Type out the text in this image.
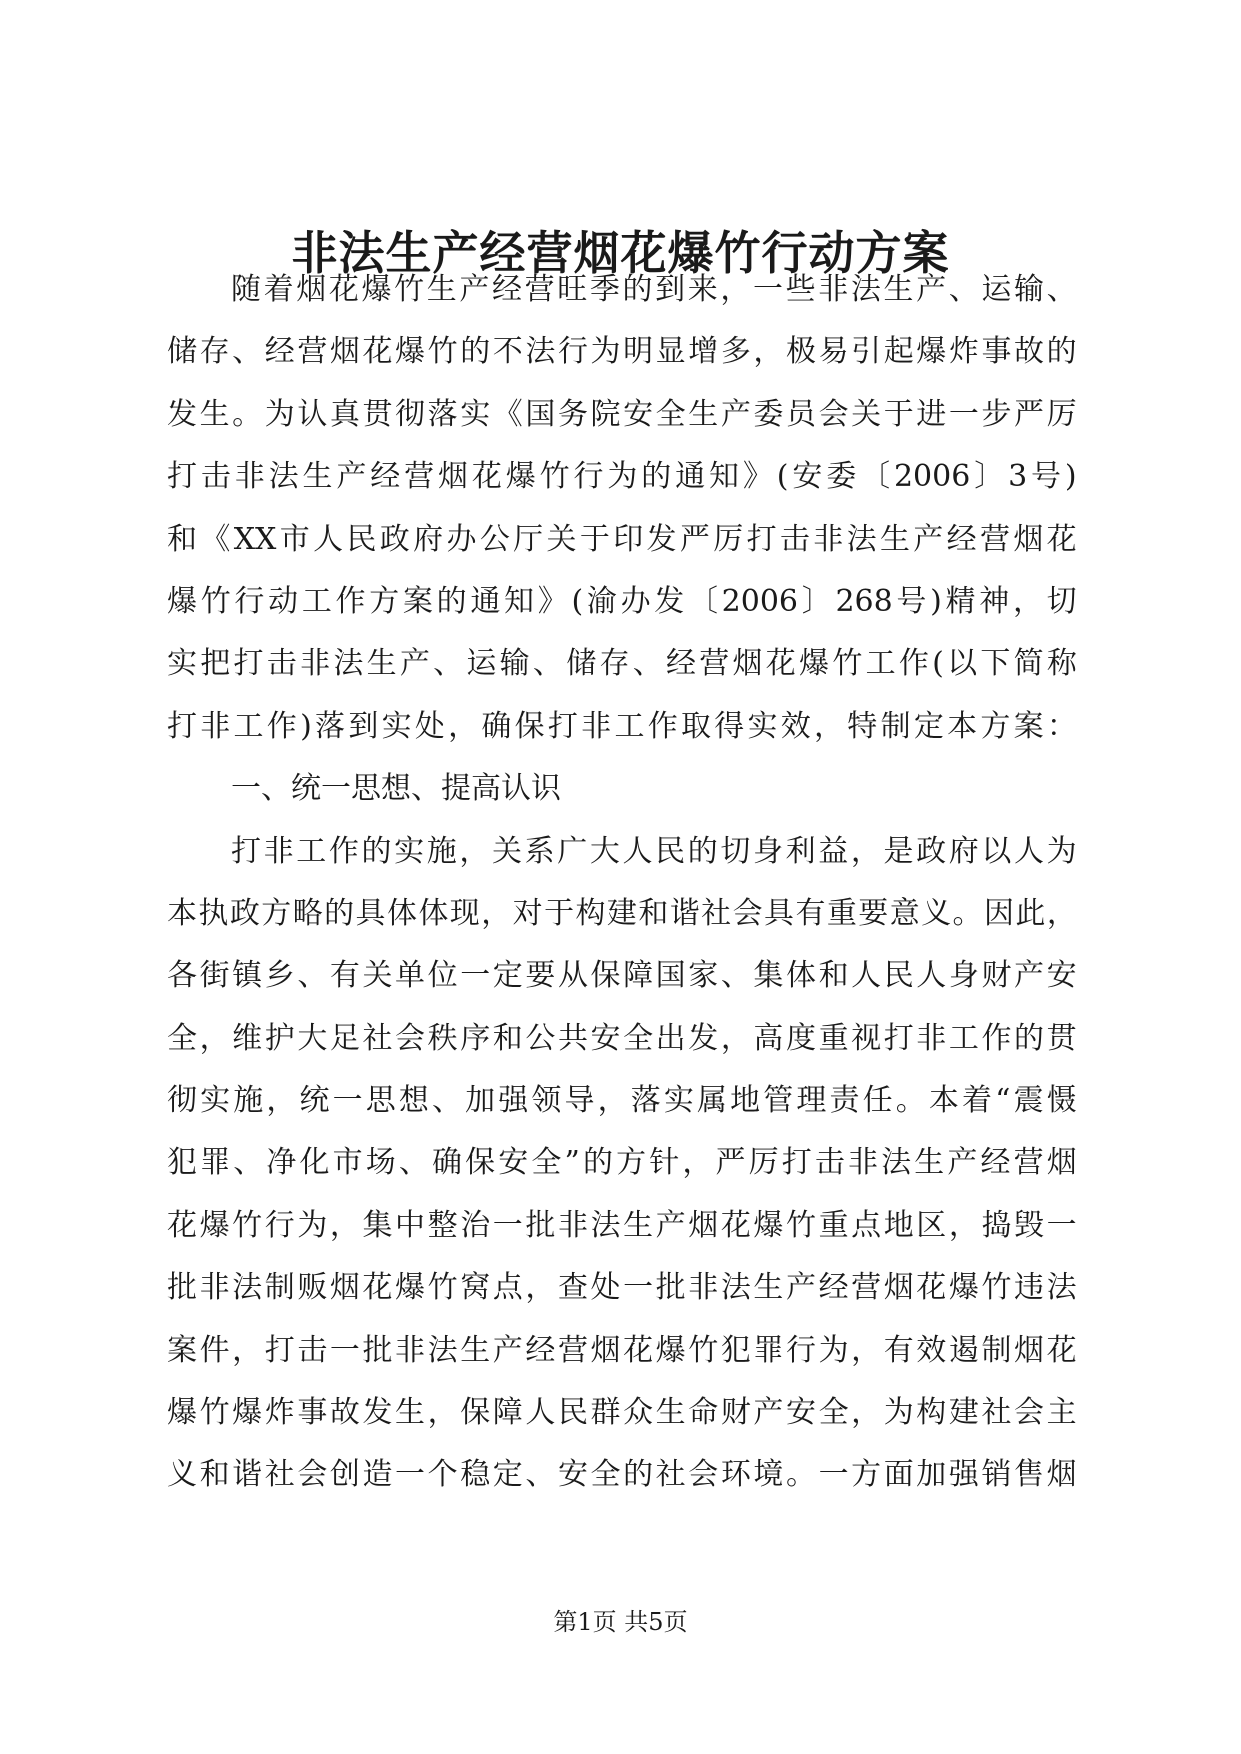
非法生产经营烟花爆竹行动方案
随 着 烟 花 爆 竹 生 产 经 营 旺 季 的 到 来 ， 一 些 非 法 生 产 、 运 输 、
储 存 、 经 营 烟 花 爆 竹 的 不 法 行 为 明 显 增 多 ， 极 易 引 起 爆 炸 事 故 的
发 生 。 为 认 真 贯 彻 落 实 《 国 务 院 安 全 生 产 委 员 会 关 于 进 一 步 严 厉
打 击 非 法 生 产 经 营 烟 花 爆 竹 行 为 的 通 知 》 ( 安 委 〔 2006 〕 3 号 )
和 《 XX 市 人 民 政 府 办 公 厅 关 于 印 发 严 厉 打 击 非 法 生 产 经 营 烟 花
爆 竹 行 动 工 作 方 案 的 通 知 》 ( 渝 办 发 〔 2006 〕 268 号 ) 精 神 ， 切
实 把 打 击 非 法 生 产 、 运 输 、 储 存 、 经 营 烟 花 爆 竹 工 作 ( 以 下 简 称
打 非 工 作 ) 落 到 实 处 ， 确 保 打 非 工 作 取 得 实 效 ， 特 制 定 本 方 案 ：
一 、 统 一 思 想 、 提 高 认 识
打 非 工 作 的 实 施 ， 关 系 广 大 人 民 的 切 身 利 益 ， 是 政 府 以 人 为
本 执 政 方 略 的 具 体 体 现 ， 对 于 构 建 和 谐 社 会 具 有 重 要 意 义 。 因 此 ，
各 街 镇 乡 、 有 关 单 位 一 定 要 从 保 障 国 家 、 集 体 和 人 民 人 身 财 产 安
全 ， 维 护 大 足 社 会 秩 序 和 公 共 安 全 出 发 ， 高 度 重 视 打 非 工 作 的 贯
彻 实 施 ， 统 一 思 想 、 加 强 领 导 ， 落 实 属 地 管 理 责 任 。 本 着 “ 震 慑
犯 罪 、 净 化 市 场 、 确 保 安 全 ” 的 方 针 ， 严 厉 打 击 非 法 生 产 经 营 烟
花 爆 竹 行 为 ， 集 中 整 治 一 批 非 法 生 产 烟 花 爆 竹 重 点 地 区 ， 捣 毁 一
批 非 法 制 贩 烟 花 爆 竹 窝 点 ， 查 处 一 批 非 法 生 产 经 营 烟 花 爆 竹 违 法
案 件 ， 打 击 一 批 非 法 生 产 经 营 烟 花 爆 竹 犯 罪 行 为 ， 有 效 遏 制 烟 花
爆 竹 爆 炸 事 故 发 生 ， 保 障 人 民 群 众 生 命 财 产 安 全 ， 为 构 建 社 会 主
义 和 谐 社 会 创 造 一 个 稳 定 、 安 全 的 社 会 环 境 。 一 方 面 加 强 销 售 烟
第1页 共5页
